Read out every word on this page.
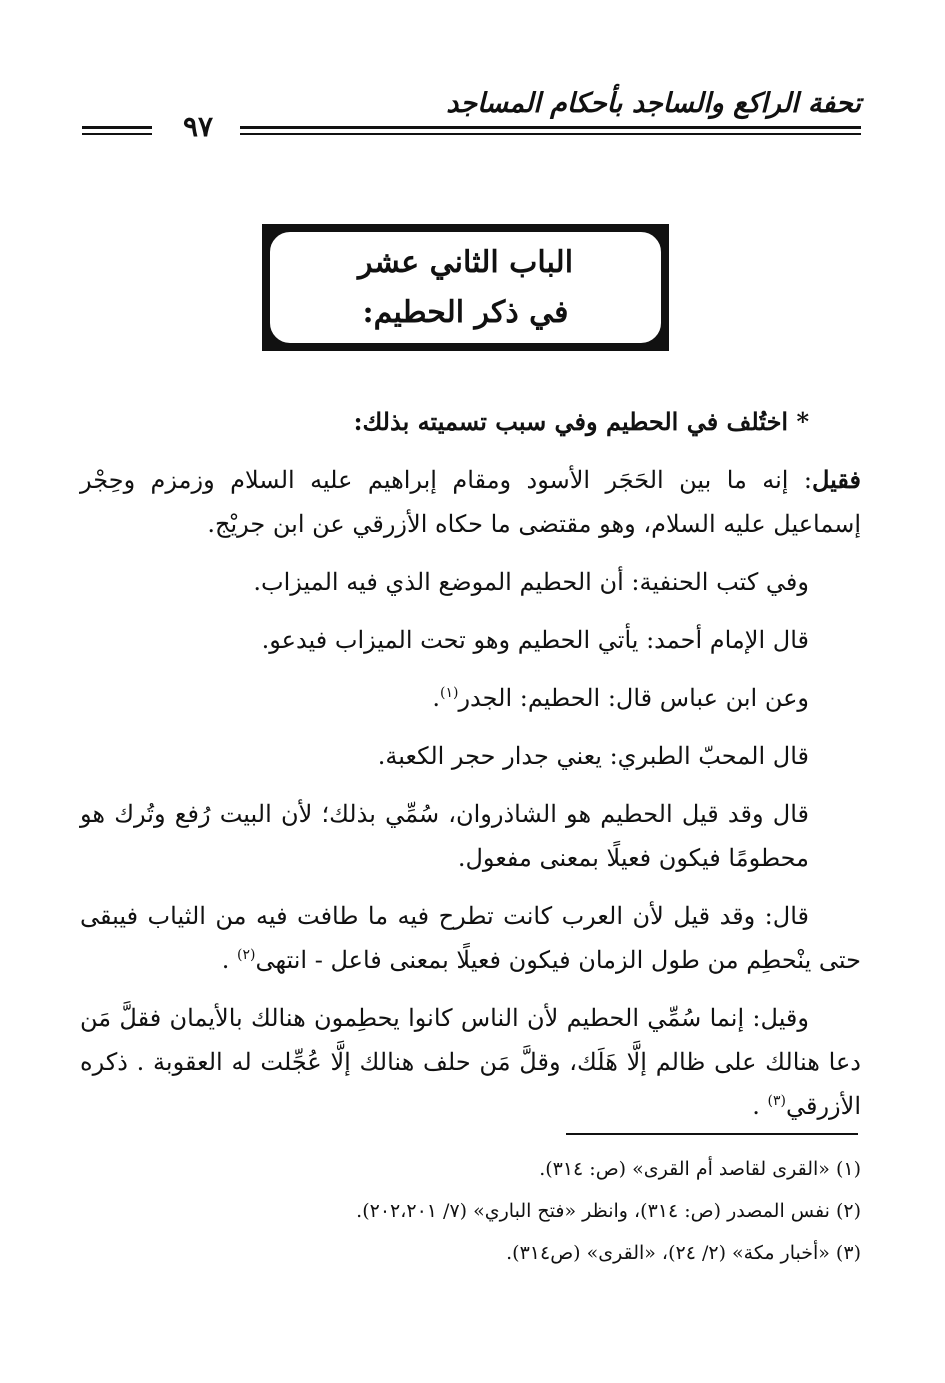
تحفة الراكع والساجد بأحكام المساجد
٩٧
الباب الثاني عشر
في ذكر الحطيم:

* اختُلف في الحطيم وفي سبب تسميته بذلك:

فقيل: إنه ما بين الحَجَر الأسود ومقام إبراهيم عليه السلام وزمزم وحِجْر إسماعيل عليه السلام، وهو مقتضى ما حكاه الأزرقي عن ابن جريْج.

وفي كتب الحنفية: أن الحطيم الموضع الذي فيه الميزاب.

قال الإمام أحمد: يأتي الحطيم وهو تحت الميزاب فيدعو.

وعن ابن عباس قال: الحطيم: الجدر$^{(١)}$.

قال المحبّ الطبري: يعني جدار حجر الكعبة.

قال وقد قيل الحطيم هو الشاذروان، سُمِّي بذلك؛ لأن البيت رُفع وتُرك هو محطومًا فيكون فعيلًا بمعنى مفعول.

قال: وقد قيل لأن العرب كانت تطرح فيه ما طافت فيه من الثياب فيبقى حتى ينْحطِم من طول الزمان فيكون فعيلًا بمعنى فاعل - انتهى$^{(٢)}$ .

وقيل: إنما سُمِّي الحطيم لأن الناس كانوا يحطِمون هنالك بالأيمان فقلَّ مَن دعا هنالك على ظالم إلَّا هَلَك، وقلَّ مَن حلف هنالك إلَّا عُجِّلت له العقوبة . ذكره الأزرقي$^{(٣)}$ .

(١) «القرى لقاصد أم القرى» (ص: ٣١٤).
(٢) نفس المصدر (ص: ٣١٤)، وانظر «فتح الباري» (٧/ ٢٠٢،٢٠١).
(٣) «أخبار مكة» (٢/ ٢٤)، «القرى» (ص٣١٤).
